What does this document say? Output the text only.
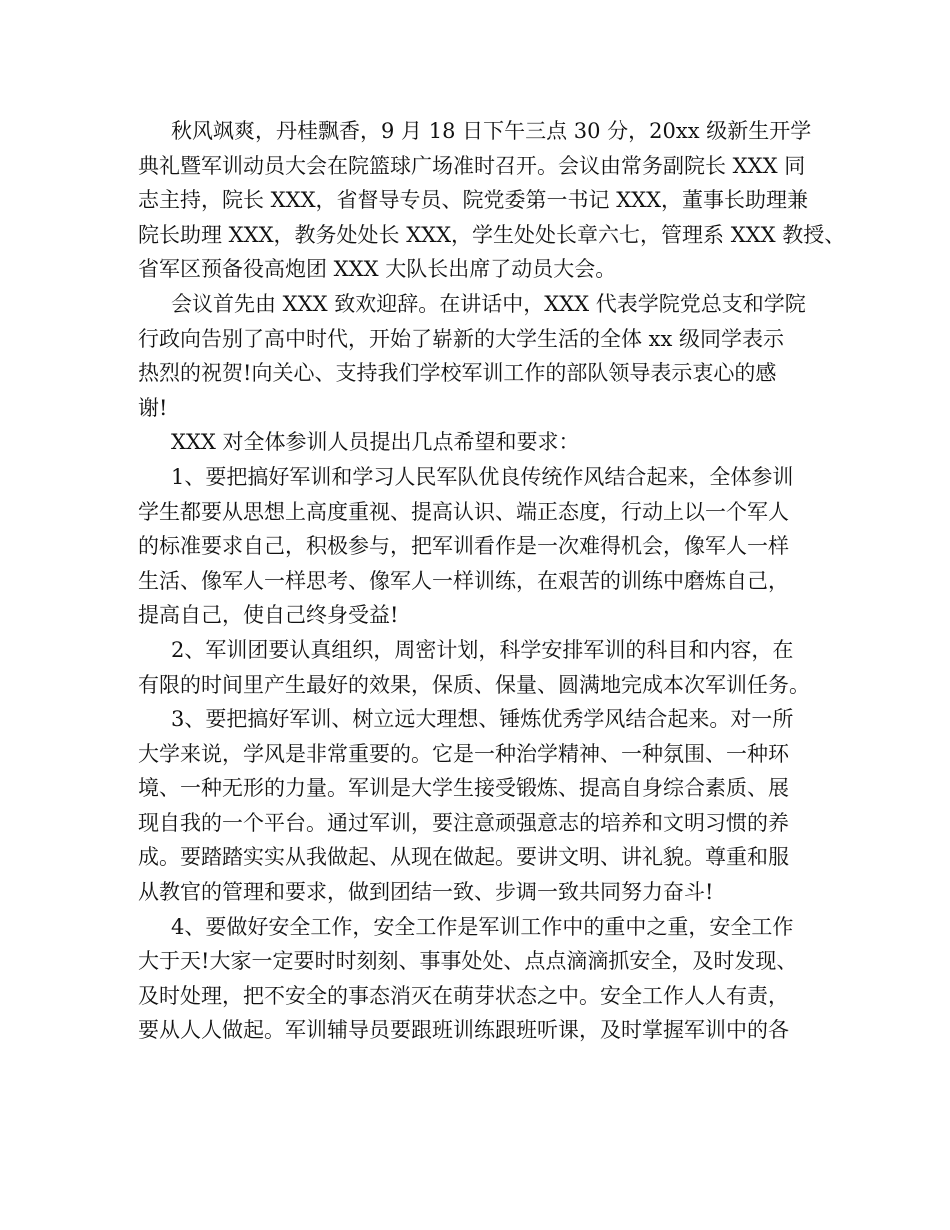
秋风飒爽，丹桂飘香，9 月 18 日下午三点 30 分，20xx 级新生开学
典礼暨军训动员大会在院篮球广场准时召开。会议由常务副院长 XXX 同
志主持，院长 XXX，省督导专员、院党委第一书记 XXX，董事长助理兼
院长助理 XXX，教务处处长 XXX，学生处处长章六七，管理系 XXX 教授、
省军区预备役高炮团 XXX 大队长出席了动员大会。
会议首先由 XXX 致欢迎辞。在讲话中，XXX 代表学院党总支和学院
行政向告别了高中时代，开始了崭新的大学生活的全体 xx 级同学表示
热烈的祝贺!向关心、支持我们学校军训工作的部队领导表示衷心的感
谢!
XXX 对全体参训人员提出几点希望和要求：
1、要把搞好军训和学习人民军队优良传统作风结合起来，全体参训
学生都要从思想上高度重视、提高认识、端正态度，行动上以一个军人
的标准要求自己，积极参与，把军训看作是一次难得机会，像军人一样
生活、像军人一样思考、像军人一样训练，在艰苦的训练中磨炼自己，
提高自己，使自己终身受益!
2、军训团要认真组织，周密计划，科学安排军训的科目和内容，在
有限的时间里产生最好的效果，保质、保量、圆满地完成本次军训任务。
3、要把搞好军训、树立远大理想、锤炼优秀学风结合起来。对一所
大学来说，学风是非常重要的。它是一种治学精神、一种氛围、一种环
境、一种无形的力量。军训是大学生接受锻炼、提高自身综合素质、展
现自我的一个平台。通过军训，要注意顽强意志的培养和文明习惯的养
成。要踏踏实实从我做起、从现在做起。要讲文明、讲礼貌。尊重和服
从教官的管理和要求，做到团结一致、步调一致共同努力奋斗!
4、要做好安全工作，安全工作是军训工作中的重中之重，安全工作
大于天!大家一定要时时刻刻、事事处处、点点滴滴抓安全，及时发现、
及时处理，把不安全的事态消灭在萌芽状态之中。安全工作人人有责，
要从人人做起。军训辅导员要跟班训练跟班听课，及时掌握军训中的各
